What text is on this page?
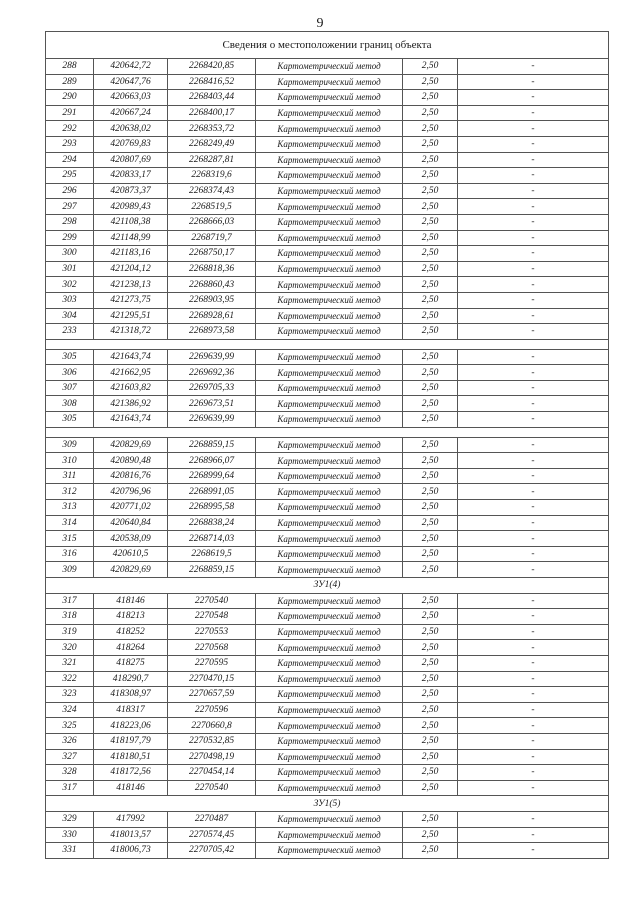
9
Сведения о местоположении границ объекта					
288	420642,72	2268420,85	Картометрический метод	2,50	-
289	420647,76	2268416,52	Картометрический метод	2,50	-
290	420663,03	2268403,44	Картометрический метод	2,50	-
291	420667,24	2268400,17	Картометрический метод	2,50	-
292	420638,02	2268353,72	Картометрический метод	2,50	-
293	420769,83	2268249,49	Картометрический метод	2,50	-
294	420807,69	2268287,81	Картометрический метод	2,50	-
295	420833,17	2268319,6	Картометрический метод	2,50	-
296	420873,37	2268374,43	Картометрический метод	2,50	-
297	420989,43	2268519,5	Картометрический метод	2,50	-
298	421108,38	2268666,03	Картометрический метод	2,50	-
299	421148,99	2268719,7	Картометрический метод	2,50	-
300	421183,16	2268750,17	Картометрический метод	2,50	-
301	421204,12	2268818,36	Картометрический метод	2,50	-
302	421238,13	2268860,43	Картометрический метод	2,50	-
303	421273,75	2268903,95	Картометрический метод	2,50	-
304	421295,51	2268928,61	Картометрический метод	2,50	-
233	421318,72	2268973,58	Картометрический метод	2,50	-

305	421643,74	2269639,99	Картометрический метод	2,50	-
306	421662,95	2269692,36	Картометрический метод	2,50	-
307	421603,82	2269705,33	Картометрический метод	2,50	-
308	421386,92	2269673,51	Картометрический метод	2,50	-
305	421643,74	2269639,99	Картометрический метод	2,50	-

309	420829,69	2268859,15	Картометрический метод	2,50	-
310	420890,48	2268966,07	Картометрический метод	2,50	-
311	420816,76	2268999,64	Картометрический метод	2,50	-
312	420796,96	2268991,05	Картометрический метод	2,50	-
313	420771,02	2268995,58	Картометрический метод	2,50	-
314	420640,84	2268838,24	Картометрический метод	2,50	-
315	420538,09	2268714,03	Картометрический метод	2,50	-
316	420610,5	2268619,5	Картометрический метод	2,50	-
309	420829,69	2268859,15	Картометрический метод	2,50	-
ЗУ1(4)					
317	418146	2270540	Картометрический метод	2,50	-
318	418213	2270548	Картометрический метод	2,50	-
319	418252	2270553	Картометрический метод	2,50	-
320	418264	2270568	Картометрический метод	2,50	-
321	418275	2270595	Картометрический метод	2,50	-
322	418290,7	2270470,15	Картометрический метод	2,50	-
323	418308,97	2270657,59	Картометрический метод	2,50	-
324	418317	2270596	Картометрический метод	2,50	-
325	418223,06	2270660,8	Картометрический метод	2,50	-
326	418197,79	2270532,85	Картометрический метод	2,50	-
327	418180,51	2270498,19	Картометрический метод	2,50	-
328	418172,56	2270454,14	Картометрический метод	2,50	-
317	418146	2270540	Картометрический метод	2,50	-
ЗУ1(5)					
329	417992	2270487	Картометрический метод	2,50	-
330	418013,57	2270574,45	Картометрический метод	2,50	-
331	418006,73	2270705,42	Картометрический метод	2,50	-
